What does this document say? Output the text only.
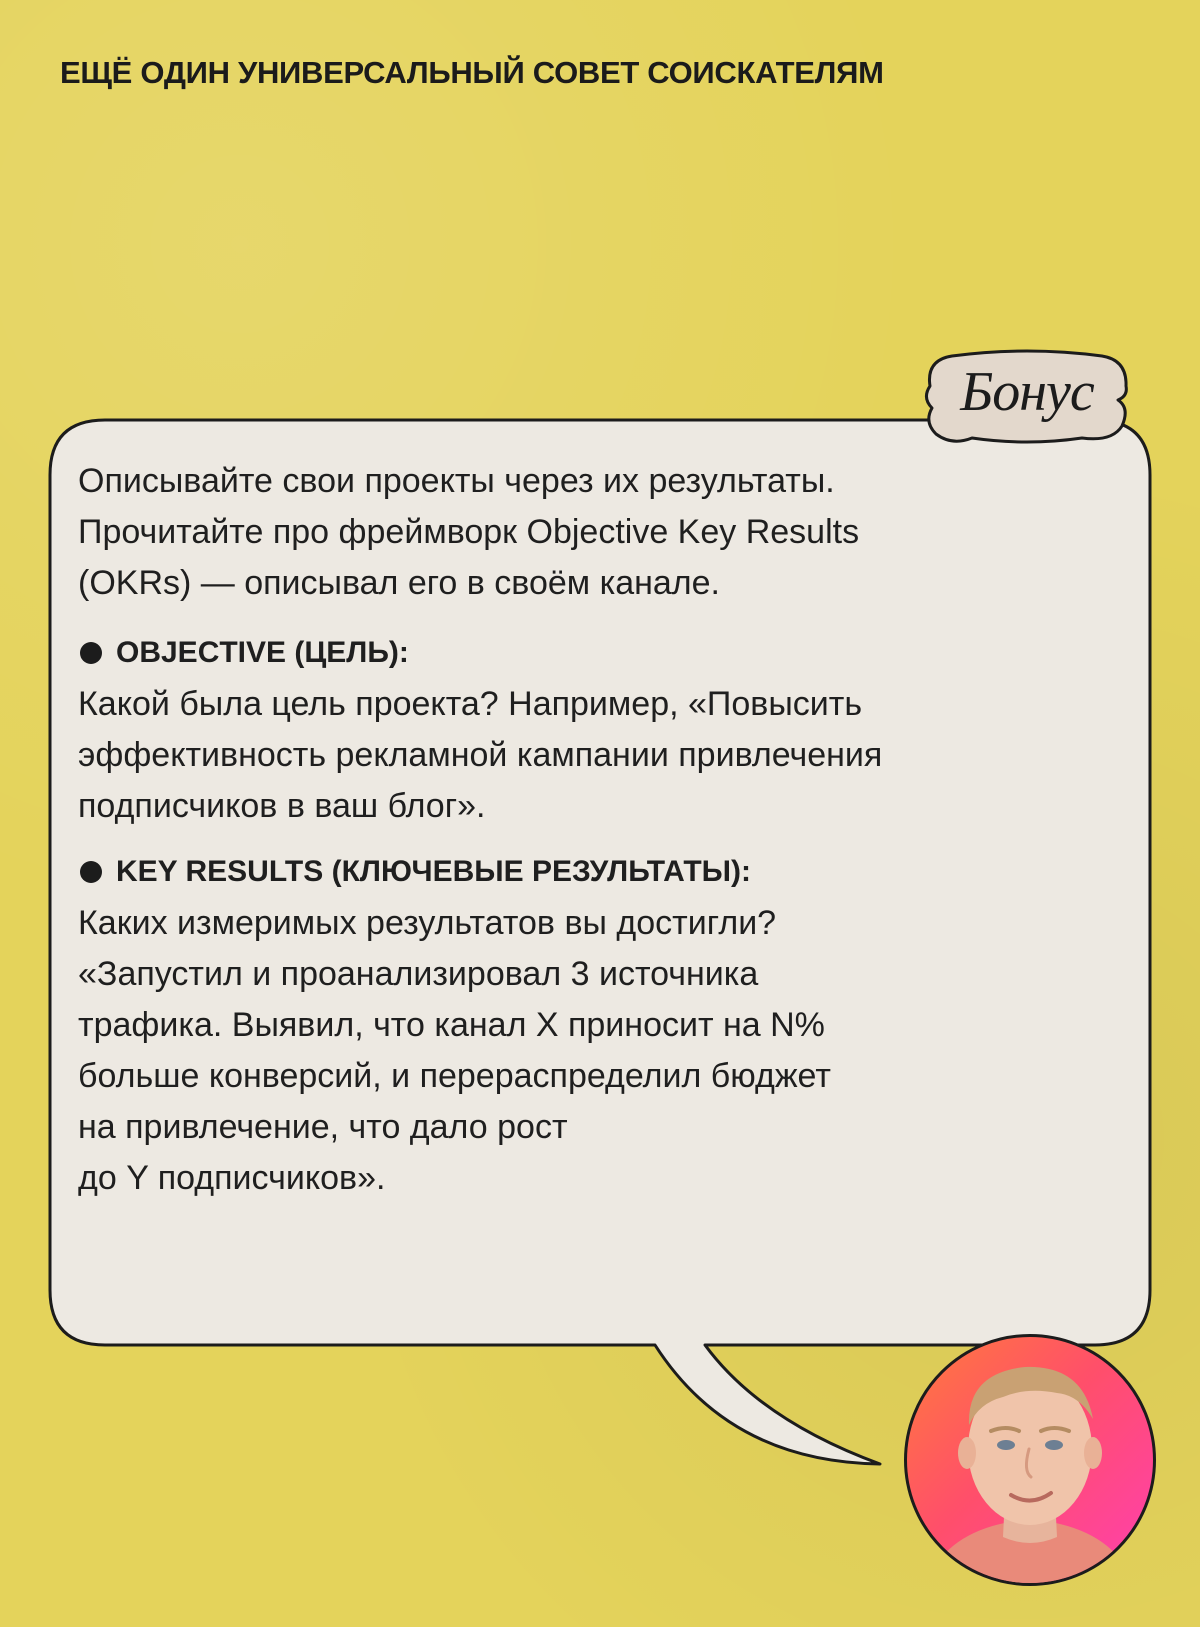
ЕЩЁ ОДИН УНИВЕРСАЛЬНЫЙ СОВЕТ СОИСКАТЕЛЯМ
Бонус

Описывайте свои проекты через их результаты.
Прочитайте про фреймворк Objective Key Results
(OKRs) — описывал его в своём канале.

OBJECTIVE (ЦЕЛЬ):

Какой была цель проекта? Например, «Повысить
эффективность рекламной кампании привлечения
подписчиков в ваш блог».

KEY RESULTS (КЛЮЧЕВЫЕ РЕЗУЛЬТАТЫ):

Каких измеримых результатов вы достигли?
«Запустил и проанализировал 3 источника
трафика. Выявил, что канал X приносит на N%
больше конверсий, и перераспределил бюджет
на привлечение, что дало рост
до Y подписчиков».
